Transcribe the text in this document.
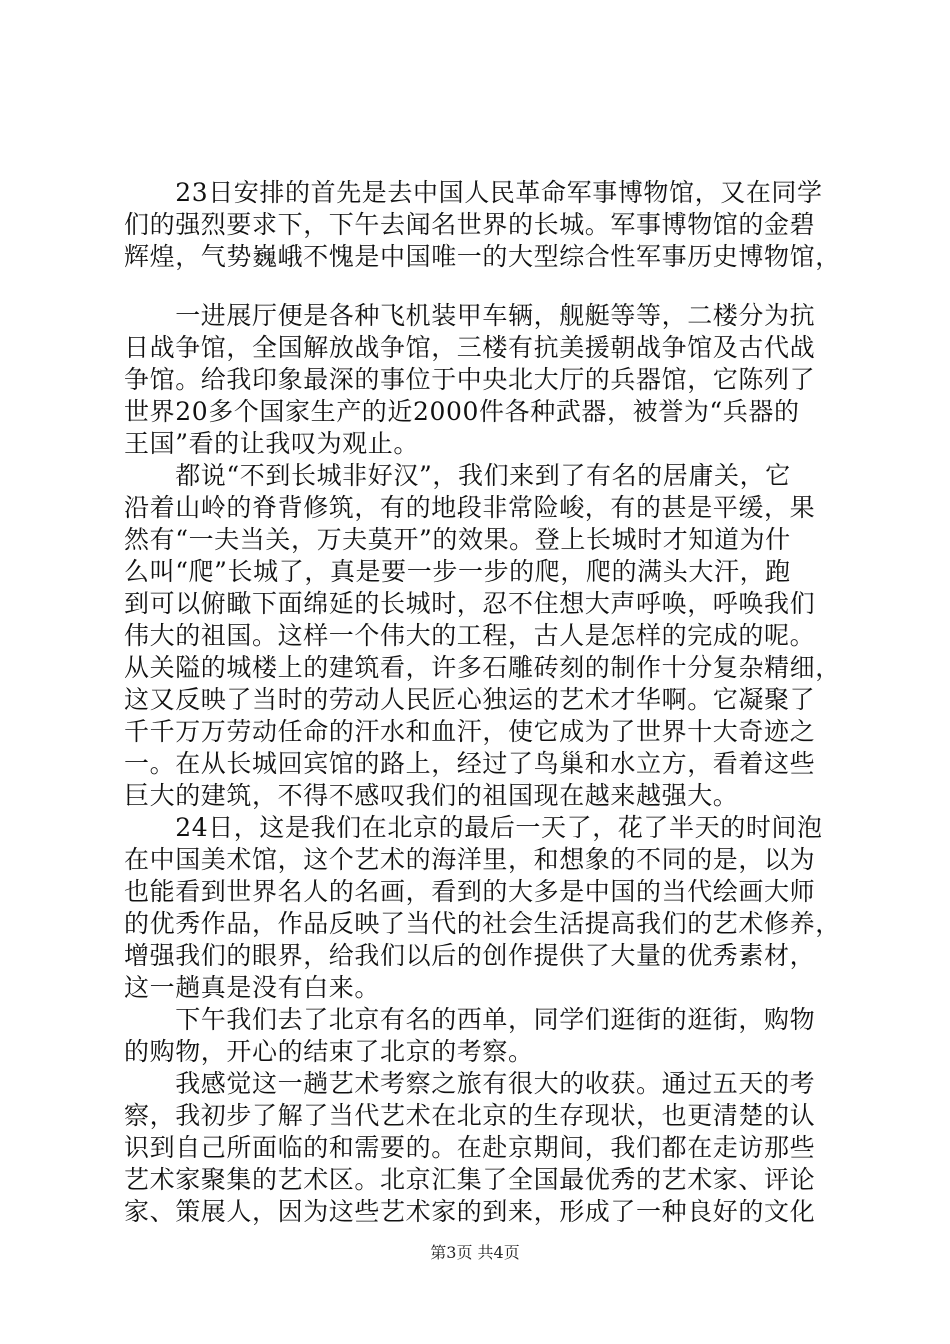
　　23日安排的首先是去中国人民革命军事博物馆，又在同学
们的强烈要求下，下午去闻名世界的长城。军事博物馆的金碧
辉煌，气势巍峨不愧是中国唯一的大型综合性军事历史博物馆，
　　一进展厅便是各种飞机装甲车辆，舰艇等等，二楼分为抗
日战争馆，全国解放战争馆，三楼有抗美援朝战争馆及古代战
争馆。给我印象最深的事位于中央北大厅的兵器馆，它陈列了
世界20多个国家生产的近2000件各种武器，被誉为“兵器的
王国”看的让我叹为观止。
　　都说“不到长城非好汉”，我们来到了有名的居庸关，它
沿着山岭的脊背修筑，有的地段非常险峻，有的甚是平缓，果
然有“一夫当关，万夫莫开”的效果。登上长城时才知道为什
么叫“爬”长城了，真是要一步一步的爬，爬的满头大汗，跑
到可以俯瞰下面绵延的长城时，忍不住想大声呼唤，呼唤我们
伟大的祖国。这样一个伟大的工程，古人是怎样的完成的呢。
从关隘的城楼上的建筑看，许多石雕砖刻的制作十分复杂精细，
这又反映了当时的劳动人民匠心独运的艺术才华啊。它凝聚了
千千万万劳动任命的汗水和血汗，使它成为了世界十大奇迹之
一。在从长城回宾馆的路上，经过了鸟巢和水立方，看着这些
巨大的建筑，不得不感叹我们的祖国现在越来越强大。
　　24日，这是我们在北京的最后一天了，花了半天的时间泡
在中国美术馆，这个艺术的海洋里，和想象的不同的是，以为
也能看到世界名人的名画，看到的大多是中国的当代绘画大师
的优秀作品，作品反映了当代的社会生活提高我们的艺术修养，
增强我们的眼界，给我们以后的创作提供了大量的优秀素材，
这一趟真是没有白来。
　　下午我们去了北京有名的西单，同学们逛街的逛街，购物
的购物，开心的结束了北京的考察。
　　我感觉这一趟艺术考察之旅有很大的收获。通过五天的考
察，我初步了解了当代艺术在北京的生存现状，也更清楚的认
识到自己所面临的和需要的。在赴京期间，我们都在走访那些
艺术家聚集的艺术区。北京汇集了全国最优秀的艺术家、评论
家、策展人，因为这些艺术家的到来，形成了一种良好的文化
第3页 共4页
